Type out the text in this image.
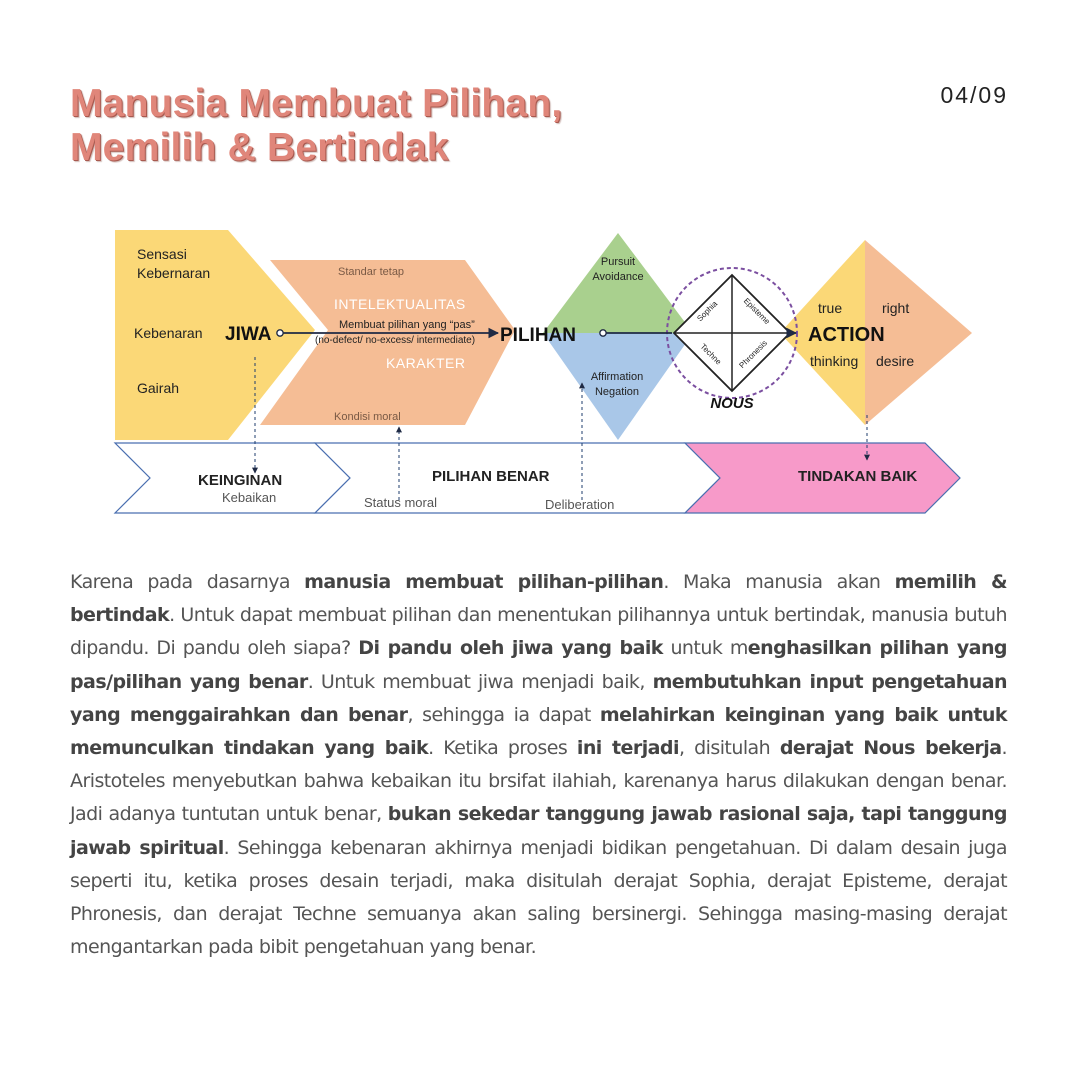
Manusia Membuat Pilihan,
Memilih & Bertindak
04/09
Sensasi
Kebernaran
Kebenaran
Gairah
JIWA
Standar tetap
INTELEKTUALITAS
Membuat pilihan yang “pas”
(no-defect/ no-excess/ intermediate)
KARAKTER
Kondisi moral
PILIHAN
Pursuit
Avoidance
Affirmation
Negation
Sophia	Episteme
Phronesis
Techne
NOUS
true	right
ACTION
thinking desire
KEINGINAN
Kebaikan
PILIHAN BENAR
Status moral	Deliberation
TINDAKAN BAIK

Karena pada dasarnya manusia membuat pilihan-pilihan. Maka manusia akan memilih & bertindak. Untuk dapat membuat pilihan dan menentukan pilihannya untuk bertindak, manusia butuh dipandu. Di pandu oleh siapa? Di pandu oleh jiwa yang baik untuk menghasilkan pilihan yang pas/pilihan yang benar. Untuk membuat jiwa menjadi baik, membutuhkan input pengetahuan yang menggairahkan dan benar, sehingga ia dapat melahirkan keinginan yang baik untuk memunculkan tindakan yang baik. Ketika proses ini terjadi, disitulah derajat Nous bekerja. Aristoteles menyebutkan bahwa kebaikan itu brsifat ilahiah, karenanya harus dilakukan dengan benar. Jadi adanya tuntutan untuk benar, bukan sekedar tanggung jawab rasional saja, tapi tanggung jawab spiritual. Sehingga kebenaran akhirnya menjadi bidikan pengetahuan. Di dalam desain juga seperti itu, ketika proses desain terjadi, maka disitulah derajat Sophia, derajat Episteme, derajat Phronesis, dan derajat Techne semuanya akan saling bersinergi. Sehingga masing-masing derajat mengantarkan pada bibit pengetahuan yang benar.
